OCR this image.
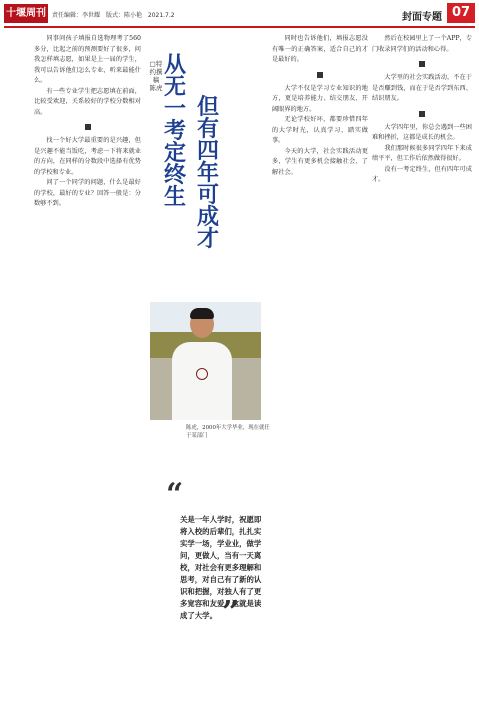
十堰周刊	责任编辑：李世耀 版式：陈小艳 2021.7.2	封面专题 07

同事问孩子填报自选物理考了560多分，比起之前的预测要好了很多，问我怎样填志愿，如果是上一届的学生，我可以告诉他们怎么专业，听来最能什么。

有一些专业学生把志愿填在前面，比较受欢迎，关系较好的学校分数相对高。

找一个好大学最重要的是兴趣，但是兴趣不能当饭吃，考虑一下将来就业的方向，在同样的分数段中选择有优势的学校和专业。

问了一个同学的问题，什么是最好的学校，最好的专业？回答一般是：分数够不到。

□特约撰稿　陈虎
从无一考定终生
但有四年可成才
陈虎，2000年大学毕业，现在就任于某部门
“
关是一年人学时，祝愿即将入校的后辈们，扎扎实实学一场，学业业，做学问，更做人，当有一天离校，对社会有更多理解和思考，对自己有了新的认识和把握，对独人有了更多宽容和友爱，这就是读成了大学。 ”

同时也告诉他们，填报志愿没有唯一的正确答案，适合自己的才是最好的。

大学不仅是学习专业知识的地方，更是培养能力、结交朋友、开阔眼界的地方。

无论学校好坏，都要珍惜四年的大学时光，认真学习，踏实做事。

今天的大学，社会实践活动更多，学生有更多机会接触社会、了解社会。

然后在校园里上了一个APP，专门收录同学们的活动和心得。

大学里的社会实践活动，不在于是否赚到钱，而在于是否学到东西、结识朋友。

大学四年里，你总会遇到一些困难和挫折，这都是成长的机会。

我们那时候很多同学四年下来成绩平平，但工作后依然做得很好。

没有一考定终生，但有四年可成才。
